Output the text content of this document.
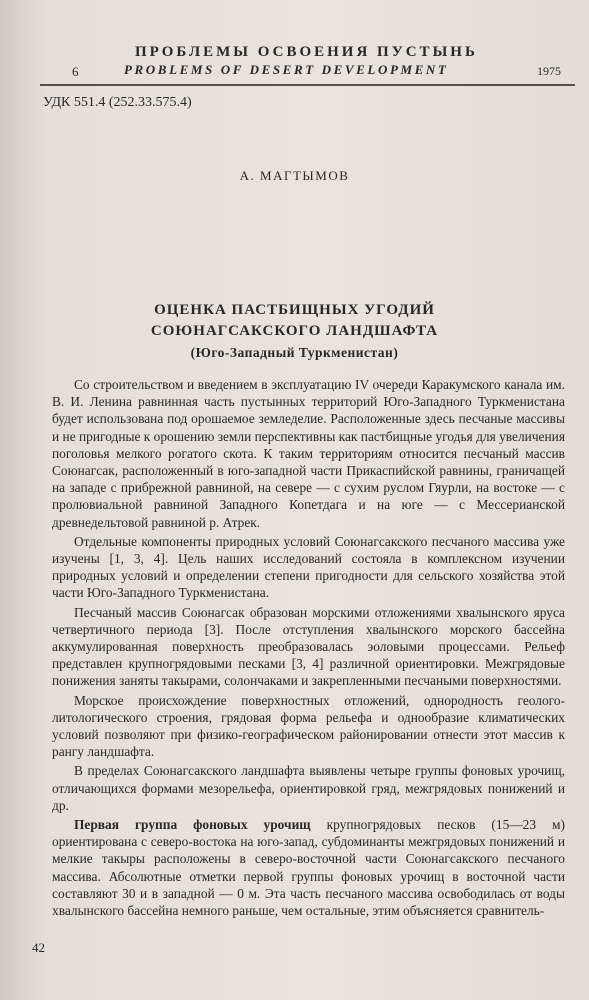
ПРОБЛЕМЫ ОСВОЕНИЯ ПУСТЫНЬ
6	PROBLEMS OF DESERT DEVELOPMENT	1975
УДК 551.4 (252.33.575.4)
А. МАГТЫМОВ
ОЦЕНКА ПАСТБИЩНЫХ УГОДИЙ
СОЮНАГСАКСКОГО ЛАНДШАФТА
(Юго-Западный Туркменистан)

Со строительством и введением в эксплуатацию IV очереди Каракумского канала им. В. И. Ленина равнинная часть пустынных территорий Юго-Западного Туркменистана будет использована под орошаемое земледелие. Расположенные здесь песчаные массивы и не пригодные к орошению земли перспективны как пастбищные угодья для увеличения поголовья мелкого рогатого скота. К таким территориям относится песчаный массив Союнагсак, расположенный в юго-западной части Прикаспийской равнины, граничащей на западе с прибрежной равниной, на севере — с сухим руслом Гяурли, на востоке — с пролювиальной равниной Западного Копетдага и на юге — с Мессерианской древнедельтовой равниной р. Атрек.

Отдельные компоненты природных условий Союнагсакского песчаного массива уже изучены [1, 3, 4]. Цель наших исследований состояла в комплексном изучении природных условий и определении степени пригодности для сельского хозяйства этой части Юго-Западного Туркменистана.

Песчаный массив Союнагсак образован морскими отложениями хвалынского яруса четвертичного периода [3]. После отступления хвалынского морского бассейна аккумулированная поверхность преобразовалась эоловыми процессами. Рельеф представлен крупногрядовыми песками [3, 4] различной ориентировки. Межгрядовые понижения заняты такырами, солончаками и закрепленными песчаными поверхностями.

Морское происхождение поверхностных отложений, однородность геолого-литологического строения, грядовая форма рельефа и однообразие климатических условий позволяют при физико-географическом районировании отнести этот массив к рангу ландшафта.

В пределах Союнагсакского ландшафта выявлены четыре группы фоновых урочищ, отличающихся формами мезорельефа, ориентировкой гряд, межгрядовых понижений и др.

Первая группа фоновых урочищ крупногрядовых песков (15—23 м) ориентирована с северо-востока на юго-запад, субдоминанты межгрядовых понижений и мелкие такыры расположены в северо-восточной части Союнагсакского песчаного массива. Абсолютные отметки первой группы фоновых урочищ в восточной части составляют 30 и в западной — 0 м. Эта часть песчаного массива освободилась от воды хвалынского бассейна немного раньше, чем остальные, этим объясняется сравнитель-

42
